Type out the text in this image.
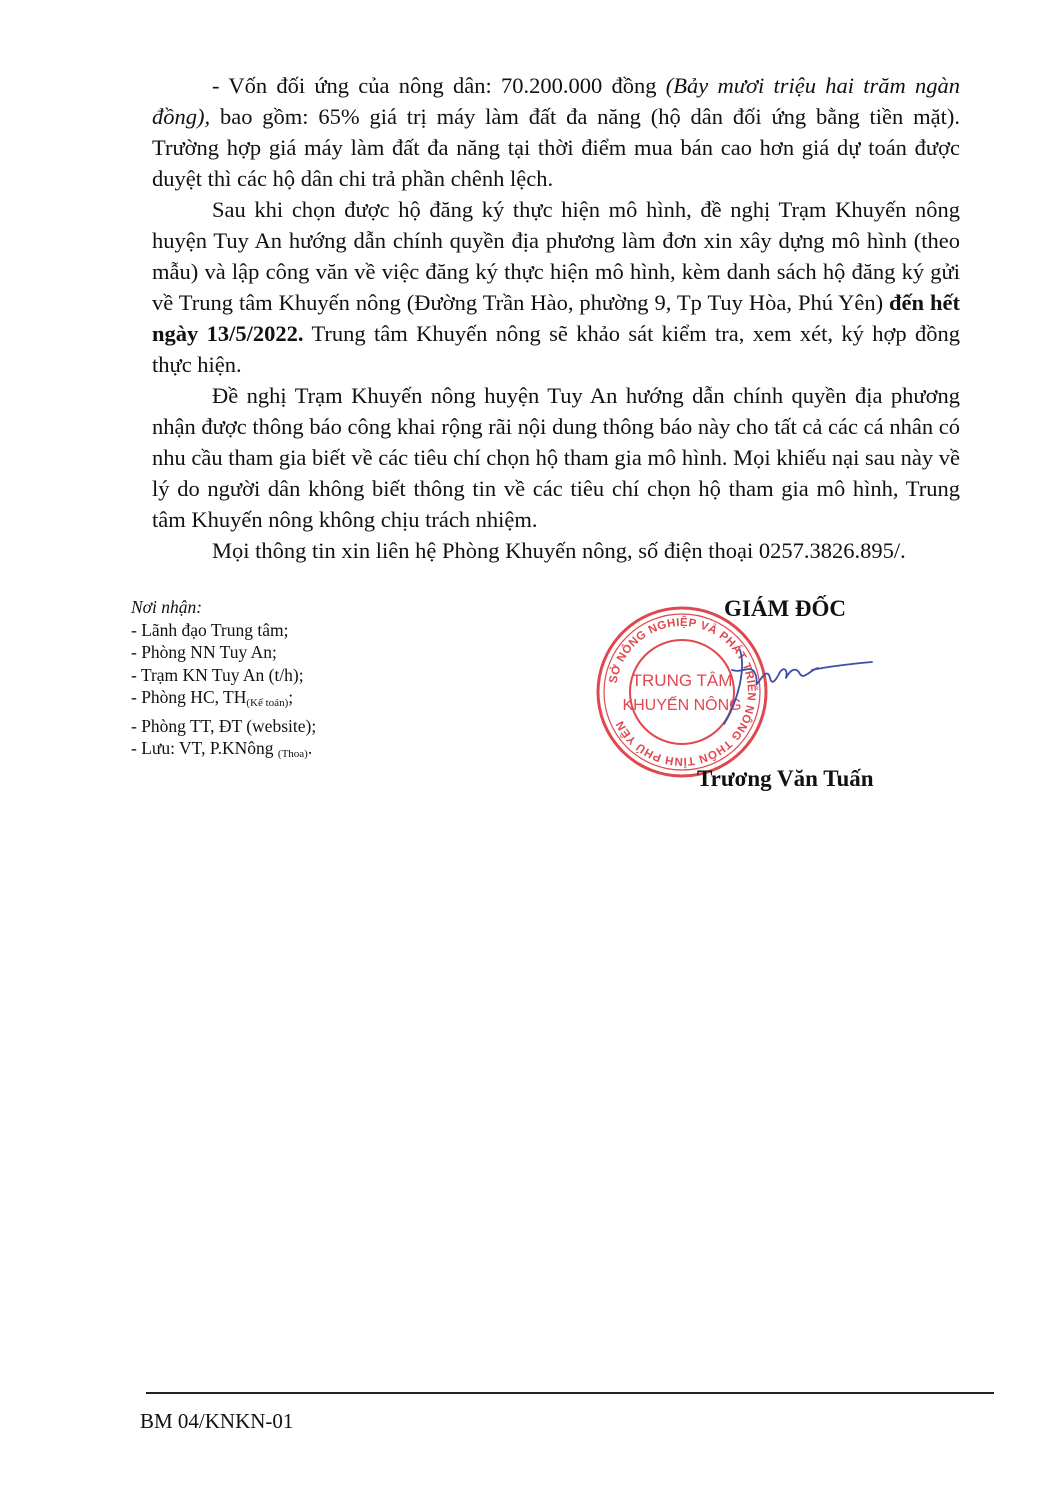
- Vốn đối ứng của nông dân: 70.200.000 đồng (Bảy mươi triệu hai trăm ngàn đồng), bao gồm: 65% giá trị máy làm đất đa năng (hộ dân đối ứng bằng tiền mặt). Trường hợp giá máy làm đất đa năng tại thời điểm mua bán cao hơn giá dự toán được duyệt thì các hộ dân chi trả phần chênh lệch.

Sau khi chọn được hộ đăng ký thực hiện mô hình, đề nghị Trạm Khuyến nông huyện Tuy An hướng dẫn chính quyền địa phương làm đơn xin xây dựng mô hình (theo mẫu) và lập công văn về việc đăng ký thực hiện mô hình, kèm danh sách hộ đăng ký gửi về Trung tâm Khuyến nông (Đường Trần Hào, phường 9, Tp Tuy Hòa, Phú Yên) đến hết ngày 13/5/2022. Trung tâm Khuyến nông sẽ khảo sát kiểm tra, xem xét, ký hợp đồng thực hiện.

Đề nghị Trạm Khuyến nông huyện Tuy An hướng dẫn chính quyền địa phương nhận được thông báo công khai rộng rãi nội dung thông báo này cho tất cả các cá nhân có nhu cầu tham gia biết về các tiêu chí chọn hộ tham gia mô hình. Mọi khiếu nại sau này về lý do người dân không biết thông tin về các tiêu chí chọn hộ tham gia mô hình, Trung tâm Khuyến nông không chịu trách nhiệm.

Mọi thông tin xin liên hệ Phòng Khuyến nông, số điện thoại 0257.3826.895/.

Nơi nhận:

- Lãnh đạo Trung tâm;
- Phòng NN Tuy An;
- Trạm KN Tuy An (t/h);
- Phòng HC, $TH_{(Kế toán)}$;
- Phòng TT, ĐT (website);
- Lưu: VT, P.KNông $_{(Thoa)}$.
GIÁM ĐỐC
SỞ NÔNG NGHIỆP VÀ PHÁT TRIỂN NÔNG THÔN TỈNH PHÚ YÊN
TRUNG TÂM
KHUYẾN NÔNG
Trương Văn Tuấn
BM 04/KNKN-01
